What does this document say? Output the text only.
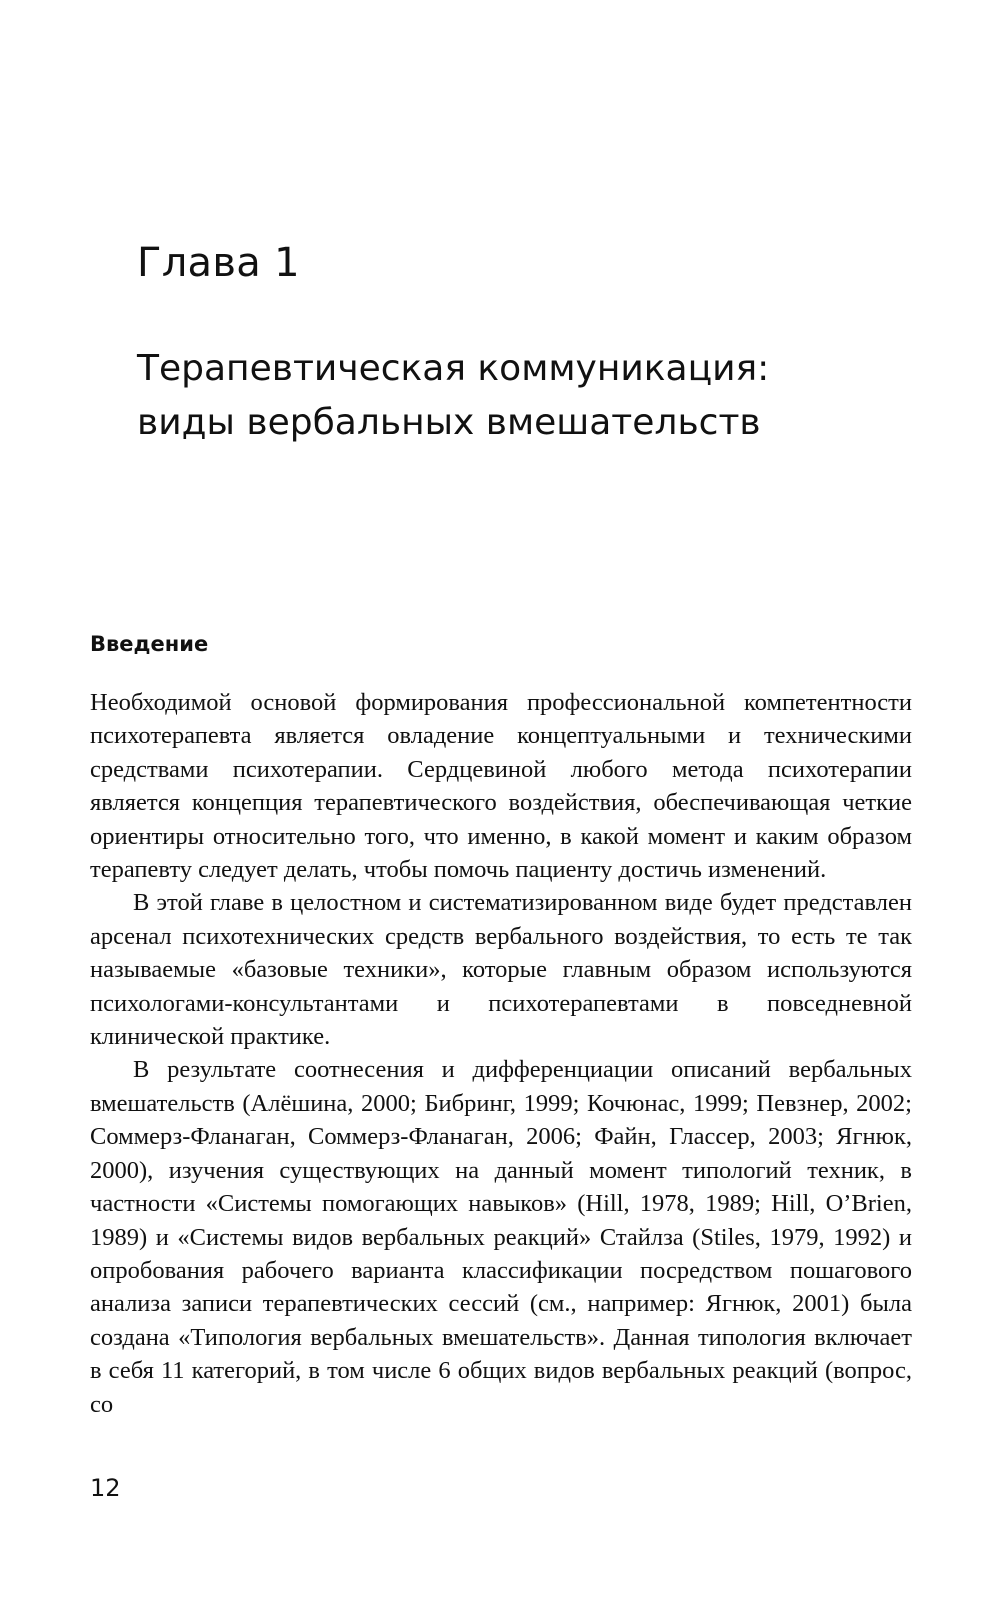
Глава 1
Терапевтическая коммуникация:
виды вербальных вмешательств
Введение

Необходимой основой формирования профессиональной компетентности психотерапевта является овладение концептуальными и техническими средствами психотерапии. Сердцевиной любого метода психотерапии является концепция терапевтического воздействия, обеспечивающая четкие ориентиры относительно того, что именно, в какой момент и каким образом терапевту следует делать, чтобы помочь пациенту достичь изменений.

В этой главе в целостном и систематизированном виде будет представлен арсенал психотехнических средств вербального воздействия, то есть те так называемые «базовые техники», которые главным образом используются психологами-консультантами и психотерапевтами в повседневной клинической практике.

В результате соотнесения и дифференциации описаний вербальных вмешательств (Алёшина, 2000; Бибринг, 1999; Кочюнас, 1999; Певзнер, 2002; Соммерз-Фланаган, Соммерз-Фланаган, 2006; Файн, Глассер, 2003; Ягнюк, 2000), изучения существующих на данный момент типологий техник, в частности «Системы помогающих навыков» (Hill, 1978, 1989; Hill, O’Brien, 1989) и «Системы видов вербальных реакций» Стайлза (Stiles, 1979, 1992) и опробования рабочего варианта классификации посредством пошагового анализа записи терапевтических сессий (см., например: Ягнюк, 2001) была создана «Типология вербальных вмешательств». Данная типология включает в себя 11 категорий, в том числе 6 общих видов вербальных реакций (вопрос, со

12
